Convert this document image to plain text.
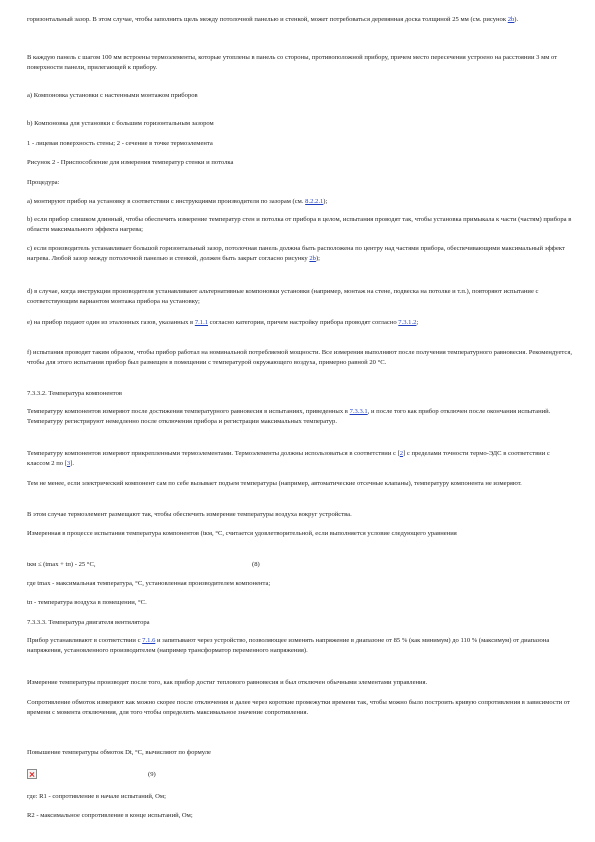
горизонтальный зазор. В этом случае, чтобы заполнить щель между потолочной панелью и стенкой, может потребоваться деревянная доска толщиной 25 мм (см. рисунок 2b).

В каждую панель с шагом 100 мм встроены термоэлементы, которые утоплены в панель со стороны, противоположной прибору, причем место пересечения устроено на расстоянии 3 мм от поверхности панели, прилегающей к прибору.

а) Компоновка установки с настенными монтажом приборов

b) Компоновка для установки с большим горизонтальным зазором

1 - лицевая поверхность стены; 2 - сечение в точке термоэлемента

Рисунок 2 - Приспособление для измерения температур стенки и потолка

Процедура:

а) монтируют прибор на установку в соответствии с инструкциями производителя по зазорам (см. 8.2.2.1);

b) если прибор слишком длинный, чтобы обеспечить измерение температур стен и потолка от прибора в целом, испытания проводят так, чтобы установка примыкала к части (частям) прибора в области максимального эффекта нагрева;

c) если производитель устанавливает большой горизонтальный зазор, потолочная панель должна быть расположена по центру над частями прибора, обеспечивающими максимальный эффект нагрева. Любой зазор между потолочной панелью и стенкой, должен быть закрыт согласно рисунку 2b);

d) в случае, когда инструкции производителя устанавливают альтернативные компоновки установки (например, монтаж на стене, подвеска на потолке и т.п.), повторяют испытание с соответствующим вариантом монтажа прибора на установку;

e) на прибор подают один из эталонных газов, указанных в 7.1.1 согласно категории, причем настройку прибора проводят согласно 7.3.1.2;

f) испытания проводят таким образом, чтобы прибор работал на номинальной потребляемой мощности. Все измерения выполняют после получения температурного равновесия. Рекомендуется, чтобы для этого испытания прибор был размещен в помещении с температурой окружающего воздуха, примерно равной 20 °С.

7.3.3.2. Температура компонентов

Температуру компонентов измеряют после достижения температурного равновесия в испытаниях, приведенных в 7.3.3.1, и после того как прибор отключен после окончания испытаний. Температуру регистрируют немедленно после отключения прибора и регистрации максимальных температур.

Температуру компонентов измеряют прикрепленными термоэлементами. Термоэлементы должны использоваться в соответствии с [2] с пределами точности термо-ЭДС в соответствии с классом 2 по [3].

Тем не менее, если электрический компонент сам по себе вызывает подъем температуры (например, автоматические отсечные клапаны), температуру компонента не измеряют.

В этом случае термоэлемент размещают так, чтобы обеспечить измерение температуры воздуха вокруг устройства.

Измеренная в процессе испытания температура компонентов (tкм, °С, считается удовлетворительной, если выполняется условие следующего уравнения

tкм ≤ (tmax + tп) - 25 °С,	(8)

где tmax - максимальная температура, °С, установленная производителем компонента;

tп - температура воздуха в помещении, °С.

7.3.3.3. Температура двигателя вентилятора

Прибор устанавливают в соответствии с 7.1.6 и запитывают через устройство, позволяющее изменять напряжение в диапазоне от 85 % (как минимум) до 110 % (максимум) от диапазона напряжения, установленного производителем (например трансформатор переменного напряжения).

Измерение температуры производят после того, как прибор достиг теплового равновесия и был отключен обычными элементами управления.

Сопротивление обмоток измеряют как можно скорее после отключения и далее через короткие промежутки времени так, чтобы можно было построить кривую сопротивления в зависимости от времени с момента отключения, для того чтобы определить максимальное значение сопротивления.

Повышение температуры обмоток Dt, °С, вычисляют по формуле

(9)

где: R1 - сопротивление в начале испытаний, Ом;

R2 - максимальное сопротивление в конце испытаний, Ом;
